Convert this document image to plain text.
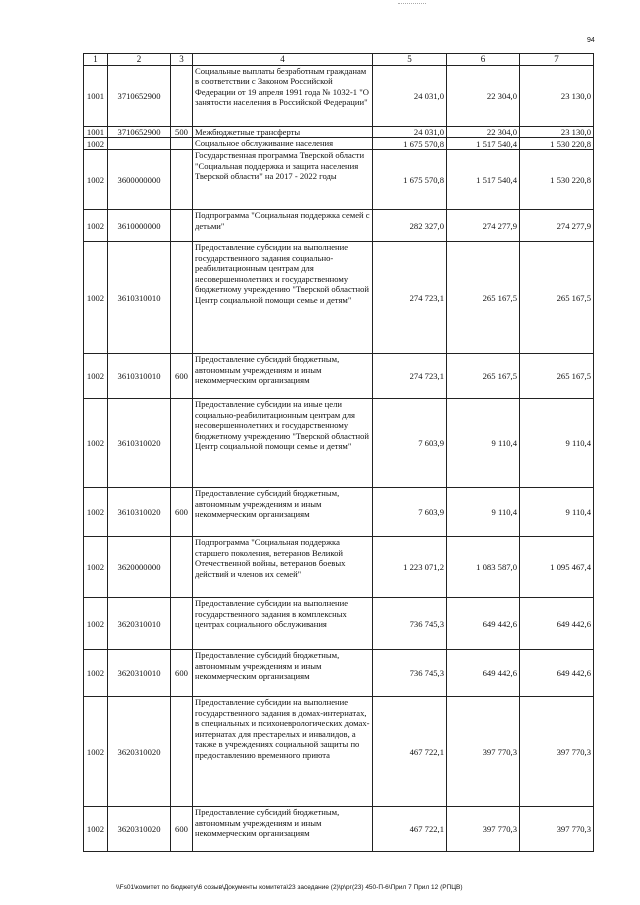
94
1	2	3	4	5	6	7
1001	3710652900		Социальные выплаты безработным гражданам в соответствии с Законом Российской Федерации от 19 апреля 1991 года № 1032-1 "О занятости населения в Российской Федерации"	24 031,0	22 304,0	23 130,0
1001	3710652900	500	Межбюджетные трансферты	24 031,0	22 304,0	23 130,0
1002			Социальное обслуживание населения	1 675 570,8	1 517 540,4	1 530 220,8
1002	3600000000		Государственная программа Тверской области "Социальная поддержка и защита населения Тверской области" на 2017 - 2022 годы	1 675 570,8	1 517 540,4	1 530 220,8
1002	3610000000		Подпрограмма "Социальная поддержка семей с детьми"	282 327,0	274 277,9	274 277,9
1002	3610310010		Предоставление субсидии на выполнение государственного задания социально-реабилитационным центрам для несовершеннолетних и государственному бюджетному учреждению "Тверской областной Центр социальной помощи семье и детям"	274 723,1	265 167,5	265 167,5
1002	3610310010	600	Предоставление субсидий бюджетным, автономным учреждениям и иным некоммерческим организациям	274 723,1	265 167,5	265 167,5
1002	3610310020		Предоставление субсидии на иные цели социально-реабилитационным центрам для несовершеннолетних и государственному бюджетному учреждению "Тверской областной Центр социальной помощи семье и детям"	7 603,9	9 110,4	9 110,4
1002	3610310020	600	Предоставление субсидий бюджетным, автономным учреждениям и иным некоммерческим организациям	7 603,9	9 110,4	9 110,4
1002	3620000000		Подпрограмма "Социальная поддержка старшего поколения, ветеранов Великой Отечественной войны, ветеранов боевых действий и членов их семей"	1 223 071,2	1 083 587,0	1 095 467,4
1002	3620310010		Предоставление субсидии на выполнение государственного задания в комплексных центрах социального обслуживания	736 745,3	649 442,6	649 442,6
1002	3620310010	600	Предоставление субсидий бюджетным, автономным учреждениям и иным некоммерческим организациям	736 745,3	649 442,6	649 442,6
1002	3620310020		Предоставление субсидии на выполнение государственного задания в домах-интернатах, в специальных и психоневрологических домах-интернатах для престарелых и инвалидов, а также в учреждениях социальной защиты по предоставлению временного приюта	467 722,1	397 770,3	397 770,3
1002	3620310020	600	Предоставление субсидий бюджетным, автономным учреждениям и иным некоммерческим организациям	467 722,1	397 770,3	397 770,3
\\Fs01\комитет по бюджету\6 созыв\Документы комитета\23 заседание (2)\р\рг(23) 450-П-6\Прил 7 Прил 12 (РПЦВ)
